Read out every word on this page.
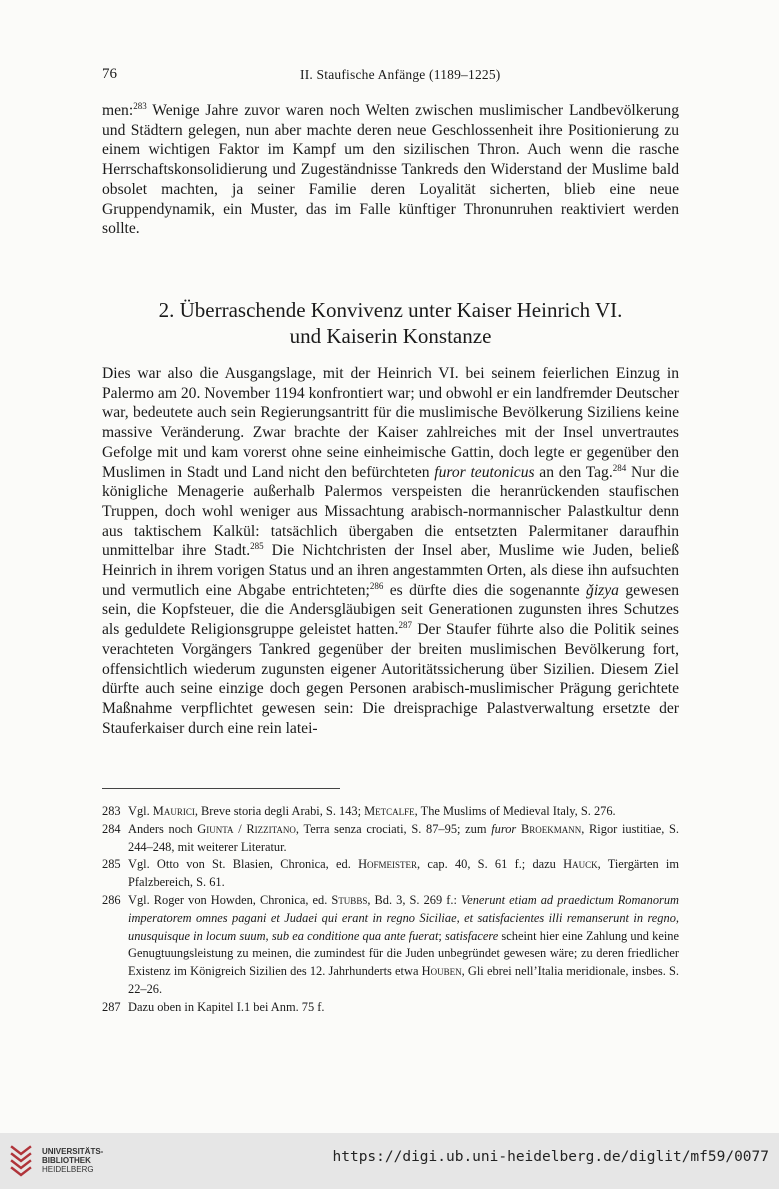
76	II. Staufische Anfänge (1189–1225)

men:$^{283}$ Wenige Jahre zuvor waren noch Welten zwischen muslimischer Landbevölkerung und Städtern gelegen, nun aber machte deren neue Geschlossenheit ihre Positionierung zu einem wichtigen Faktor im Kampf um den sizilischen Thron. Auch wenn die rasche Herrschaftskonsolidierung und Zugeständnisse Tankreds den Widerstand der Muslime bald obsolet machten, ja seiner Familie deren Loyalität sicherten, blieb eine neue Gruppendynamik, ein Muster, das im Falle künftiger Thronunruhen reaktiviert werden sollte.

2. Überraschende Konvivenz unter Kaiser Heinrich VI.
und Kaiserin Konstanze

Dies war also die Ausgangslage, mit der Heinrich VI. bei seinem feierlichen Einzug in Palermo am 20. November 1194 konfrontiert war; und obwohl er ein landfremder Deutscher war, bedeutete auch sein Regierungsantritt für die muslimische Bevölkerung Siziliens keine massive Veränderung. Zwar brachte der Kaiser zahlreiches mit der Insel unvertrautes Gefolge mit und kam vorerst ohne seine einheimische Gattin, doch legte er gegenüber den Muslimen in Stadt und Land nicht den befürchteten furor teutonicus an den Tag.$^{284}$ Nur die königliche Menagerie außerhalb Palermos verspeisten die heranrückenden staufischen Truppen, doch wohl weniger aus Missachtung arabisch-normannischer Palastkultur denn aus taktischem Kalkül: tatsächlich übergaben die entsetzten Palermitaner daraufhin unmittelbar ihre Stadt.$^{285}$ Die Nichtchristen der Insel aber, Muslime wie Juden, beließ Heinrich in ihrem vorigen Status und an ihren angestammten Orten, als diese ihn aufsuchten und vermutlich eine Abgabe entrichteten;$^{286}$ es dürfte dies die sogenannte ǧizya gewesen sein, die Kopfsteuer, die die Andersgläubigen seit Generationen zugunsten ihres Schutzes als geduldete Religionsgruppe geleistet hatten.$^{287}$ Der Staufer führte also die Politik seines verachteten Vorgängers Tankred gegenüber der breiten muslimischen Bevölkerung fort, offensichtlich wiederum zugunsten eigener Autoritätssicherung über Sizilien. Diesem Ziel dürfte auch seine einzige doch gegen Personen arabisch-muslimischer Prägung gerichtete Maßnahme verpflichtet gewesen sein: Die dreisprachige Palastverwaltung ersetzte der Stauferkaiser durch eine rein latei-

283 Vgl. Maurici, Breve storia degli Arabi, S. 143; Metcalfe, The Muslims of Medieval Italy, S. 276.
284 Anders noch Giunta / Rizzitano, Terra senza crociati, S. 87–95; zum furor Broekmann, Rigor iustitiae, S. 244–248, mit weiterer Literatur.
285 Vgl. Otto von St. Blasien, Chronica, ed. Hofmeister, cap. 40, S. 61 f.; dazu Hauck, Tiergärten im Pfalzbereich, S. 61.
286 Vgl. Roger von Howden, Chronica, ed. Stubbs, Bd. 3, S. 269 f.: Venerunt etiam ad praedictum Romanorum imperatorem omnes pagani et Judaei qui erant in regno Siciliae, et satisfacientes illi remanserunt in regno, unusquisque in locum suum, sub ea conditione qua ante fuerat; satisfacere scheint hier eine Zahlung und keine Genugtuungsleistung zu meinen, die zumindest für die Juden unbegründet gewesen wäre; zu deren friedlicher Existenz im Königreich Sizilien des 12. Jahrhunderts etwa Houben, Gli ebrei nell’Italia meridionale, insbes. S. 22–26.
287 Dazu oben in Kapitel I.1 bei Anm. 75 f.
UNIVERSITÄTS-
BIBLIOTHEK
HEIDELBERG
https://digi.ub.uni-heidelberg.de/diglit/mf59/0077
